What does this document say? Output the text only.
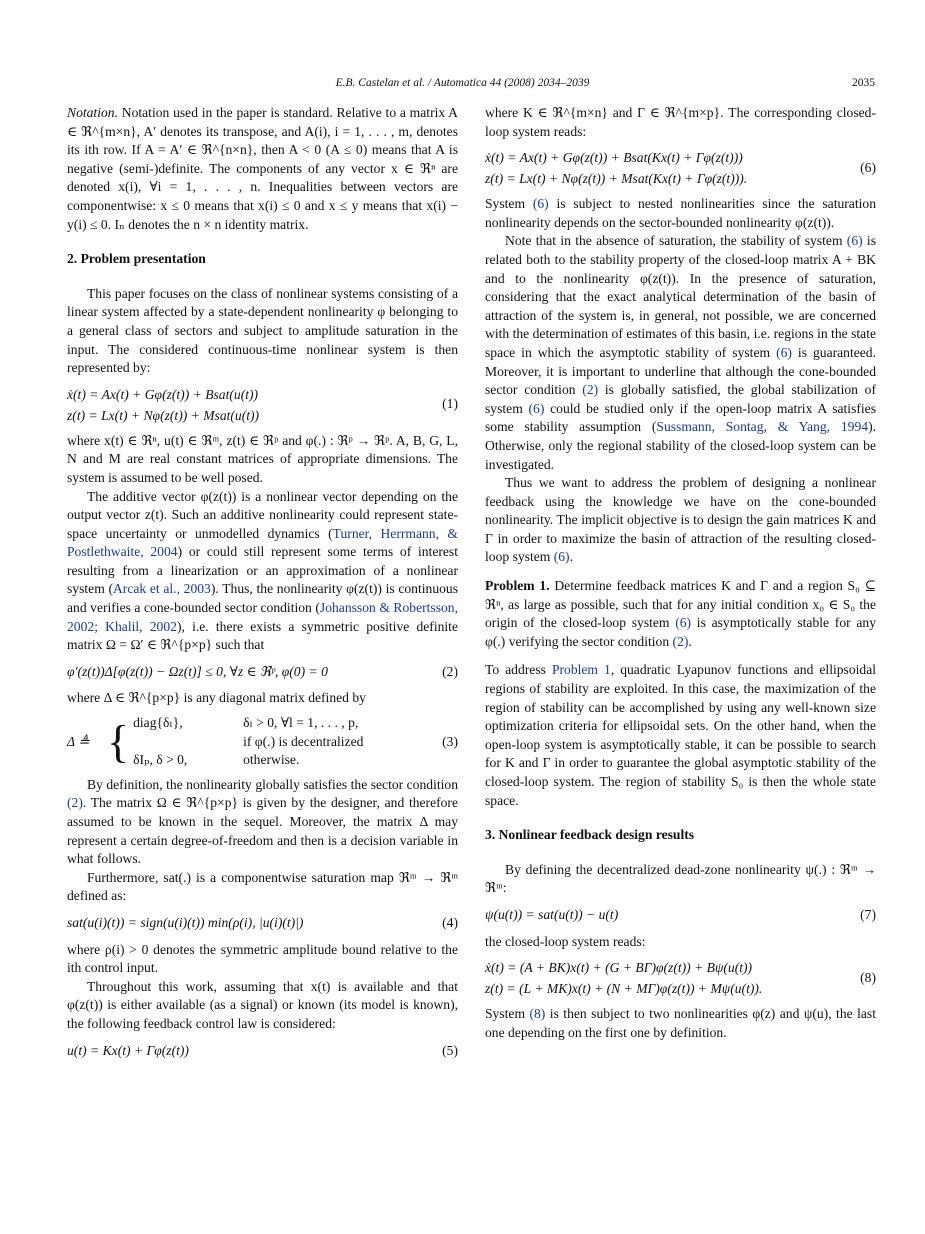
E.B. Castelan et al. / Automatica 44 (2008) 2034–2039	2035

Notation. Notation used in the paper is standard. Relative to a matrix A ∈ ℜ^{m×n}, A′ denotes its transpose, and A(i), i = 1, . . . , m, denotes its ith row. If A = A′ ∈ ℜ^{n×n}, then A < 0 (A ≤ 0) means that A is negative (semi-)definite. The components of any vector x ∈ ℜⁿ are denoted x(i), ∀i = 1, . . . , n. Inequalities between vectors are componentwise: x ≤ 0 means that x(i) ≤ 0 and x ≤ y means that x(i) − y(i) ≤ 0. Iₙ denotes the n × n identity matrix.

2. Problem presentation

This paper focuses on the class of nonlinear systems consisting of a linear system affected by a state-dependent nonlinearity φ belonging to a general class of sectors and subject to amplitude saturation in the input. The considered continuous-time nonlinear system is then represented by:

ẋ(t) = Ax(t) + Gφ(z(t)) + Bsat(u(t))
z(t) = Lx(t) + Nφ(z(t)) + Msat(u(t))
(1)

where x(t) ∈ ℜⁿ, u(t) ∈ ℜᵐ, z(t) ∈ ℜᵖ and φ(.) : ℜᵖ → ℜᵖ. A, B, G, L, N and M are real constant matrices of appropriate dimensions. The system is assumed to be well posed.

The additive vector φ(z(t)) is a nonlinear vector depending on the output vector z(t). Such an additive nonlinearity could represent state-space uncertainty or unmodelled dynamics (Turner, Herrmann, & Postlethwaite, 2004) or could still represent some terms of interest resulting from a linearization or an approximation of a nonlinear system (Arcak et al., 2003). Thus, the nonlinearity φ(z(t)) is continuous and verifies a cone-bounded sector condition (Johansson & Robertsson, 2002; Khalil, 2002), i.e. there exists a symmetric positive definite matrix Ω = Ω′ ∈ ℜ^{p×p} such that

φ′(z(t))Δ[φ(z(t)) − Ωz(t)] ≤ 0, ∀z ∈ ℜᵖ, φ(0) = 0	(2)

where Δ ∈ ℜ^{p×p} is any diagonal matrix defined by

Δ ≜ { diag{δₗ},	δₗ > 0, ∀l = 1, . . . , p,
if φ(.) is decentralized
δIₚ, δ > 0,	otherwise.
(3)

By definition, the nonlinearity globally satisfies the sector condition (2). The matrix Ω ∈ ℜ^{p×p} is given by the designer, and therefore assumed to be known in the sequel. Moreover, the matrix Δ may represent a certain degree-of-freedom and then is a decision variable in what follows.

Furthermore, sat(.) is a componentwise saturation map ℜᵐ → ℜᵐ defined as:

sat(u(i)(t)) = sign(u(i)(t)) min(ρ(i), |u(i)(t)|)	(4)

where ρ(i) > 0 denotes the symmetric amplitude bound relative to the ith control input.

Throughout this work, assuming that x(t) is available and that φ(z(t)) is either available (as a signal) or known (its model is known), the following feedback control law is considered:

u(t) = Kx(t) + Γφ(z(t))	(5)

where K ∈ ℜ^{m×n} and Γ ∈ ℜ^{m×p}. The corresponding closed-loop system reads:

ẋ(t) = Ax(t) + Gφ(z(t)) + Bsat(Kx(t) + Γφ(z(t)))
z(t) = Lx(t) + Nφ(z(t)) + Msat(Kx(t) + Γφ(z(t))).
(6)

System (6) is subject to nested nonlinearities since the saturation nonlinearity depends on the sector-bounded nonlinearity φ(z(t)).

Note that in the absence of saturation, the stability of system (6) is related both to the stability property of the closed-loop matrix A + BK and to the nonlinearity φ(z(t)). In the presence of saturation, considering that the exact analytical determination of the basin of attraction of the system is, in general, not possible, we are concerned with the determination of estimates of this basin, i.e. regions in the state space in which the asymptotic stability of system (6) is guaranteed. Moreover, it is important to underline that although the cone-bounded sector condition (2) is globally satisfied, the global stabilization of system (6) could be studied only if the open-loop matrix A satisfies some stability assumption (Sussmann, Sontag, & Yang, 1994). Otherwise, only the regional stability of the closed-loop system can be investigated.

Thus we want to address the problem of designing a nonlinear feedback using the knowledge we have on the cone-bounded nonlinearity. The implicit objective is to design the gain matrices K and Γ in order to maximize the basin of attraction of the resulting closed-loop system (6).

Problem 1. Determine feedback matrices K and Γ and a region S₀ ⊆ ℜⁿ, as large as possible, such that for any initial condition x₀ ∈ S₀ the origin of the closed-loop system (6) is asymptotically stable for any φ(.) verifying the sector condition (2).

To address Problem 1, quadratic Lyapunov functions and ellipsoidal regions of stability are exploited. In this case, the maximization of the region of stability can be accomplished by using any well-known size optimization criteria for ellipsoidal sets. On the other hand, when the open-loop system is asymptotically stable, it can be possible to search for K and Γ in order to guarantee the global asymptotic stability of the closed-loop system. The region of stability S₀ is then the whole state space.

3. Nonlinear feedback design results

By defining the decentralized dead-zone nonlinearity ψ(.) : ℜᵐ → ℜᵐ:

ψ(u(t)) = sat(u(t)) − u(t)	(7)

the closed-loop system reads:

ẋ(t) = (A + BK)x(t) + (G + BΓ)φ(z(t)) + Bψ(u(t))
z(t) = (L + MK)x(t) + (N + MΓ)φ(z(t)) + Mψ(u(t)).
(8)

System (8) is then subject to two nonlinearities φ(z) and ψ(u), the last one depending on the first one by definition.
